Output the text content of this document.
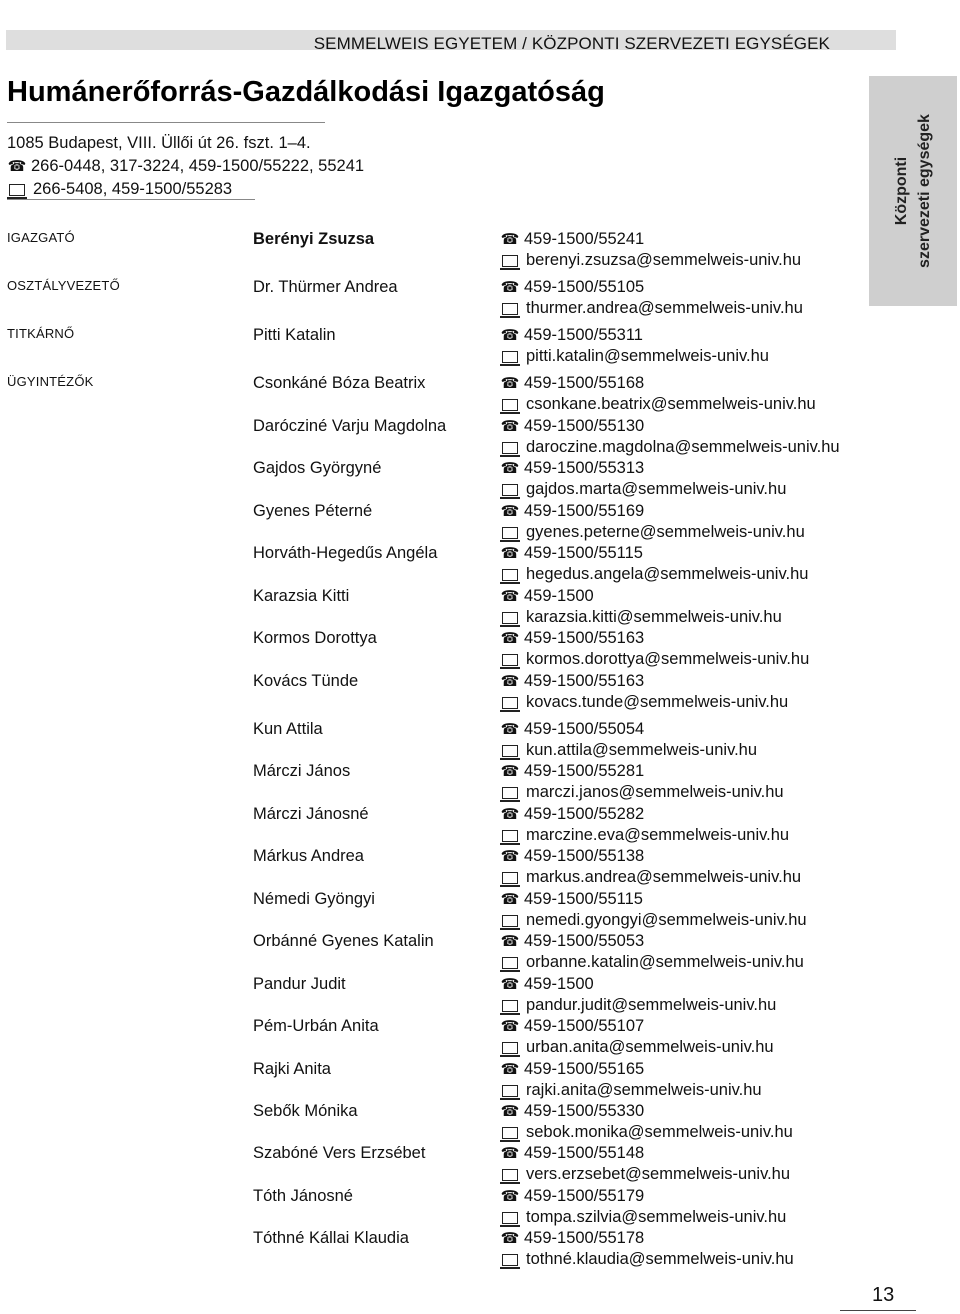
SEMMELWEIS EGYETEM / KÖZPONTI SZERVEZETI EGYSÉGEK
Humánerőforrás-Gazdálkodási Igazgatóság
1085 Budapest, VIII. Üllői út 26. fszt. 1–4.
☎ 266-0448, 317-3224, 459-1500/55222, 55241
266-5408, 459-1500/55283	Központi szervezeti egységek
IGAZGATÓ	Berényi Zsuzsa	☎ 459-1500/55241
berenyi.zsuzsa@semmelweis-univ.hu
OSZTÁLYVEZETŐ	Dr. Thürmer Andrea	☎ 459-1500/55105
thurmer.andrea@semmelweis-univ.hu
TITKÁRNŐ	Pitti Katalin	☎ 459-1500/55311
pitti.katalin@semmelweis-univ.hu
ÜGYINTÉZŐK	Csonkáné Bóza Beatrix	☎ 459-1500/55168
csonkane.beatrix@semmelweis-univ.hu
Darócziné Varju Magdolna	☎ 459-1500/55130
daroczine.magdolna@semmelweis-univ.hu
Gajdos Györgyné	☎ 459-1500/55313
gajdos.marta@semmelweis-univ.hu
Gyenes Péterné	☎ 459-1500/55169
gyenes.peterne@semmelweis-univ.hu
Horváth-Hegedűs Angéla	☎ 459-1500/55115
hegedus.angela@semmelweis-univ.hu
Karazsia Kitti	☎ 459-1500
karazsia.kitti@semmelweis-univ.hu
Kormos Dorottya	☎ 459-1500/55163
kormos.dorottya@semmelweis-univ.hu
Kovács Tünde	☎ 459-1500/55163
kovacs.tunde@semmelweis-univ.hu
Kun Attila	☎ 459-1500/55054
kun.attila@semmelweis-univ.hu
Márczi János	☎ 459-1500/55281
marczi.janos@semmelweis-univ.hu
Márczi Jánosné	☎ 459-1500/55282
marczine.eva@semmelweis-univ.hu
Márkus Andrea	☎ 459-1500/55138
markus.andrea@semmelweis-univ.hu
Némedi Gyöngyi	☎ 459-1500/55115
nemedi.gyongyi@semmelweis-univ.hu
Orbánné Gyenes Katalin	☎ 459-1500/55053
orbanne.katalin@semmelweis-univ.hu
Pandur Judit	☎ 459-1500
pandur.judit@semmelweis-univ.hu
Pém-Urbán Anita	☎ 459-1500/55107
urban.anita@semmelweis-univ.hu
Rajki Anita	☎ 459-1500/55165
rajki.anita@semmelweis-univ.hu
Sebők Mónika	☎ 459-1500/55330
sebok.monika@semmelweis-univ.hu
Szabóné Vers Erzsébet	☎ 459-1500/55148
vers.erzsebet@semmelweis-univ.hu
Tóth Jánosné	☎ 459-1500/55179
tompa.szilvia@semmelweis-univ.hu
Tóthné Kállai Klaudia	☎ 459-1500/55178
tothné.klaudia@semmelweis-univ.hu
13
